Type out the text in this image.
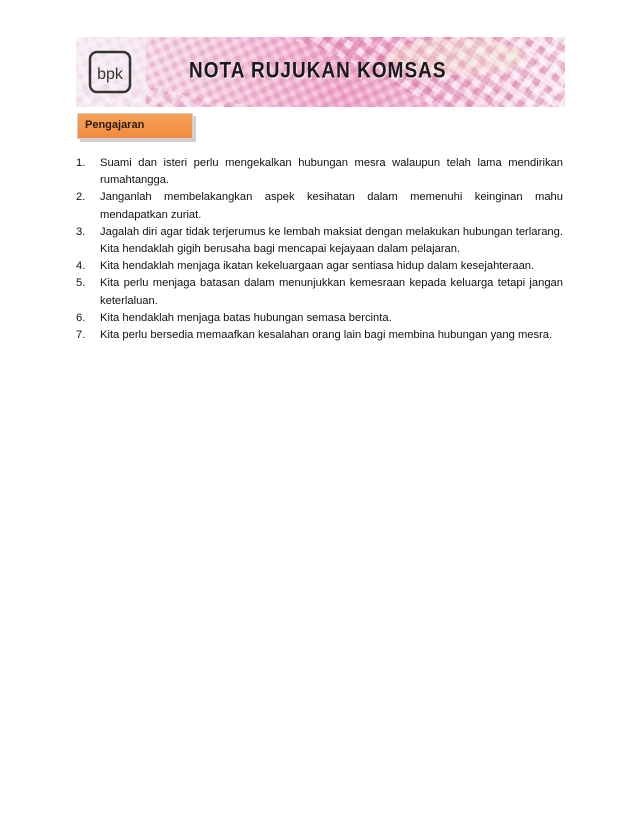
bpk	NOTA RUJUKAN KOMSAS
Pengajaran
1. Suami dan isteri perlu mengekalkan hubungan mesra walaupun telah lama mendirikan rumahtangga.
2. Janganlah membelakangkan aspek kesihatan dalam memenuhi keinginan mahu mendapatkan zuriat.
3. Jagalah diri agar tidak terjerumus ke lembah maksiat dengan melakukan hubungan terlarang. Kita hendaklah gigih berusaha bagi mencapai kejayaan dalam pelajaran.
4. Kita hendaklah menjaga ikatan kekeluargaan agar sentiasa hidup dalam kesejahteraan.
5. Kita perlu menjaga batasan dalam menunjukkan kemesraan kepada keluarga tetapi jangan keterlaluan.
6. Kita hendaklah menjaga batas hubungan semasa bercinta.
7. Kita perlu bersedia memaafkan kesalahan orang lain bagi membina hubungan yang mesra.
